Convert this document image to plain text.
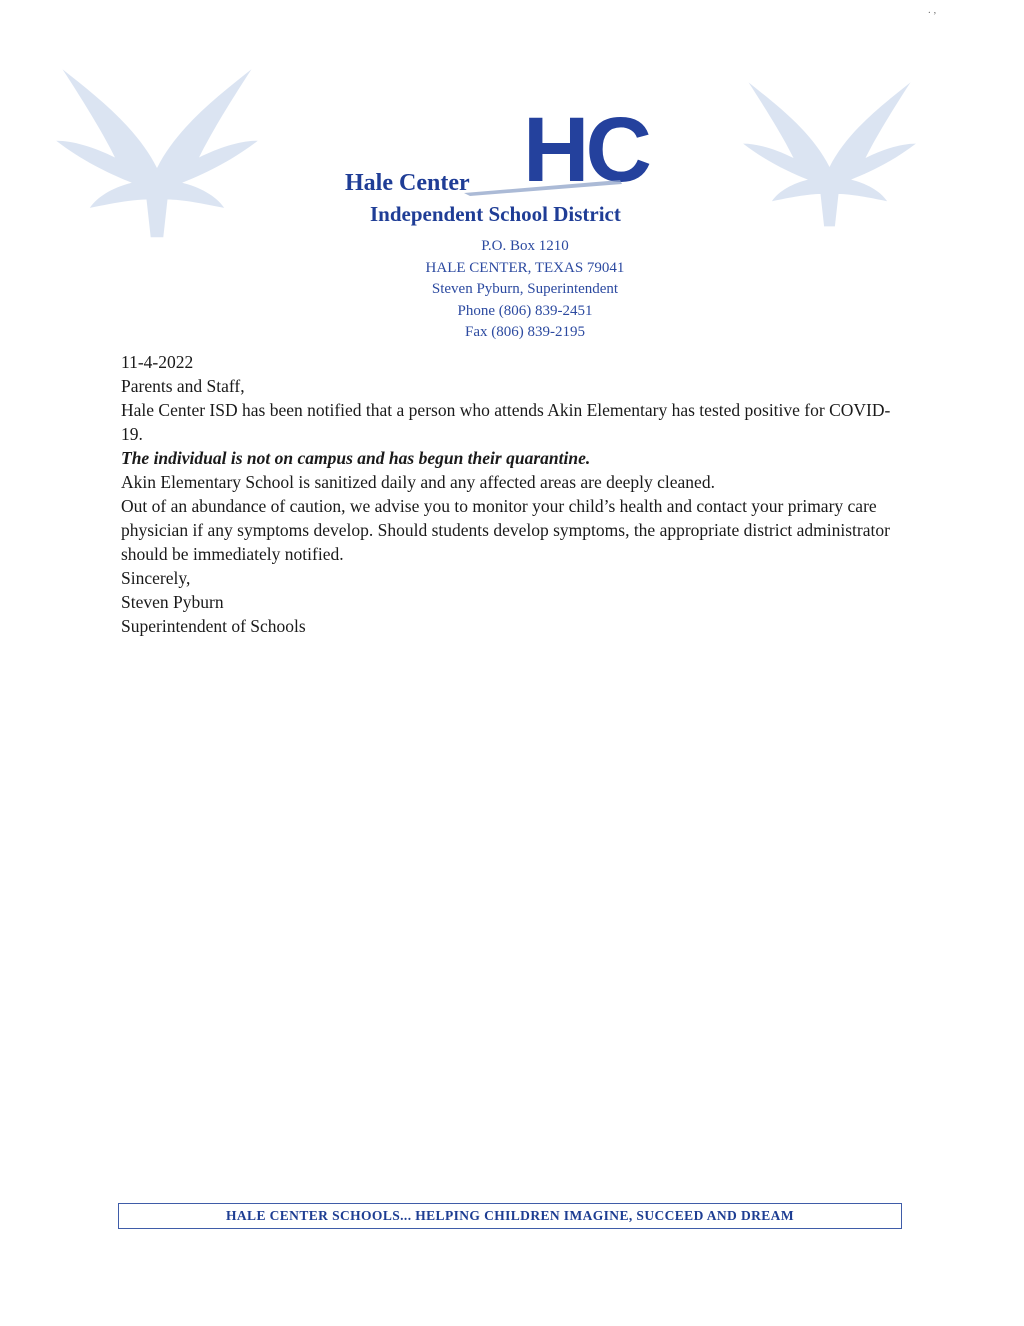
. ,
HC
Hale Center
Independent School District
P.O. Box 1210
HALE CENTER, TEXAS 79041
Steven Pyburn, Superintendent
Phone (806) 839-2451
Fax (806) 839-2195

11-4-2022

Parents and Staff,

Hale Center ISD has been notified that a person who attends Akin Elementary has tested positive for COVID-19.

The individual is not on campus and has begun their quarantine.

Akin Elementary School is sanitized daily and any affected areas are deeply cleaned.

Out of an abundance of caution, we advise you to monitor your child’s health and contact your primary care physician if any symptoms develop. Should students develop symptoms, the appropriate district administrator should be immediately notified.

Sincerely,

Steven Pyburn

Superintendent of Schools

HALE CENTER SCHOOLS... HELPING CHILDREN IMAGINE, SUCCEED AND DREAM
